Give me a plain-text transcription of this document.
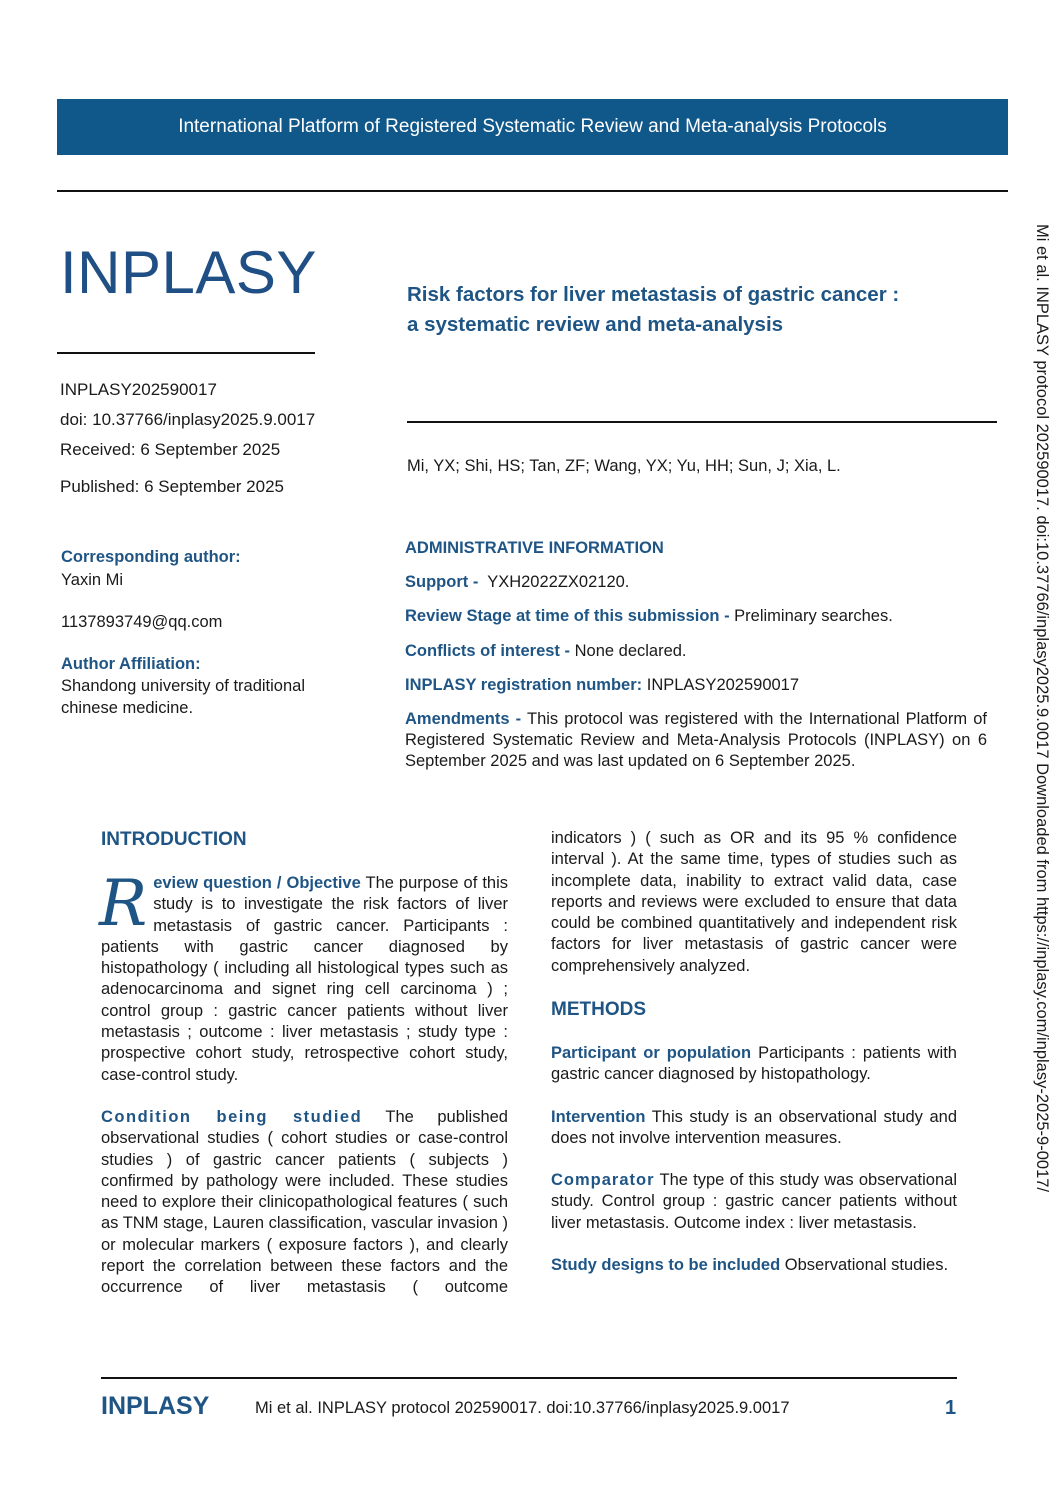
International Platform of Registered Systematic Review and Meta-analysis Protocols
INPLASY	Risk factors for liver metastasis of gastric cancer :
a systematic review and meta-analysis
INPLASY202590017
doi: 10.37766/inplasy2025.9.0017
Received: 6 September 2025
Published: 6 September 2025
Mi, YX; Shi, HS; Tan, ZF; Wang, YX; Yu, HH; Sun, J; Xia, L.
Corresponding author:
Yaxin Mi
1137893749@qq.com
Author Affiliation:
Shandong university of traditional chinese medicine.
ADMINISTRATIVE INFORMATION
Support - YXH2022ZX02120.
Review Stage at time of this submission - Preliminary searches.
Conflicts of interest - None declared.
INPLASY registration number: INPLASY202590017
Amendments - This protocol was registered with the International Platform of Registered Systematic Review and Meta-Analysis Protocols (INPLASY) on 6 September 2025 and was last updated on 6 September 2025.	Mi et al. INPLASY protocol 202590017. doi:10.37766/inplasy2025.9.0017 Downloaded from https://inplasy.com/inplasy-2025-9-0017/
INTRODUCTION
R eview question / Objective The purpose of this study is to investigate the risk factors of liver metastasis of gastric cancer. Participants : patients with gastric cancer diagnosed by histopathology ( including all histological types such as adenocarcinoma and signet ring cell carcinoma ) ; control group : gastric cancer patients without liver metastasis ; outcome : liver metastasis ; study type : prospective cohort study, retrospective cohort study, case-control study.
Condition being studied The published observational studies ( cohort studies or case-control studies ) of gastric cancer patients ( subjects ) confirmed by pathology were included. These studies need to explore their clinicopathological features ( such as TNM stage, Lauren classification, vascular invasion ) or molecular markers ( exposure factors ), and clearly report the correlation between these factors and the occurrence of liver metastasis ( outcome
indicators ) ( such as OR and its 95 % confidence interval ). At the same time, types of studies such as incomplete data, inability to extract valid data, case reports and reviews were excluded to ensure that data could be combined quantitatively and independent risk factors for liver metastasis of gastric cancer were comprehensively analyzed.
METHODS
Participant or population Participants : patients with gastric cancer diagnosed by histopathology.
Intervention This study is an observational study and does not involve intervention measures.
Comparator The type of this study was observational study. Control group : gastric cancer patients without liver metastasis. Outcome index : liver metastasis.
Study designs to be included Observational studies.
INPLASY	Mi et al. INPLASY protocol 202590017. doi:10.37766/inplasy2025.9.0017	1
